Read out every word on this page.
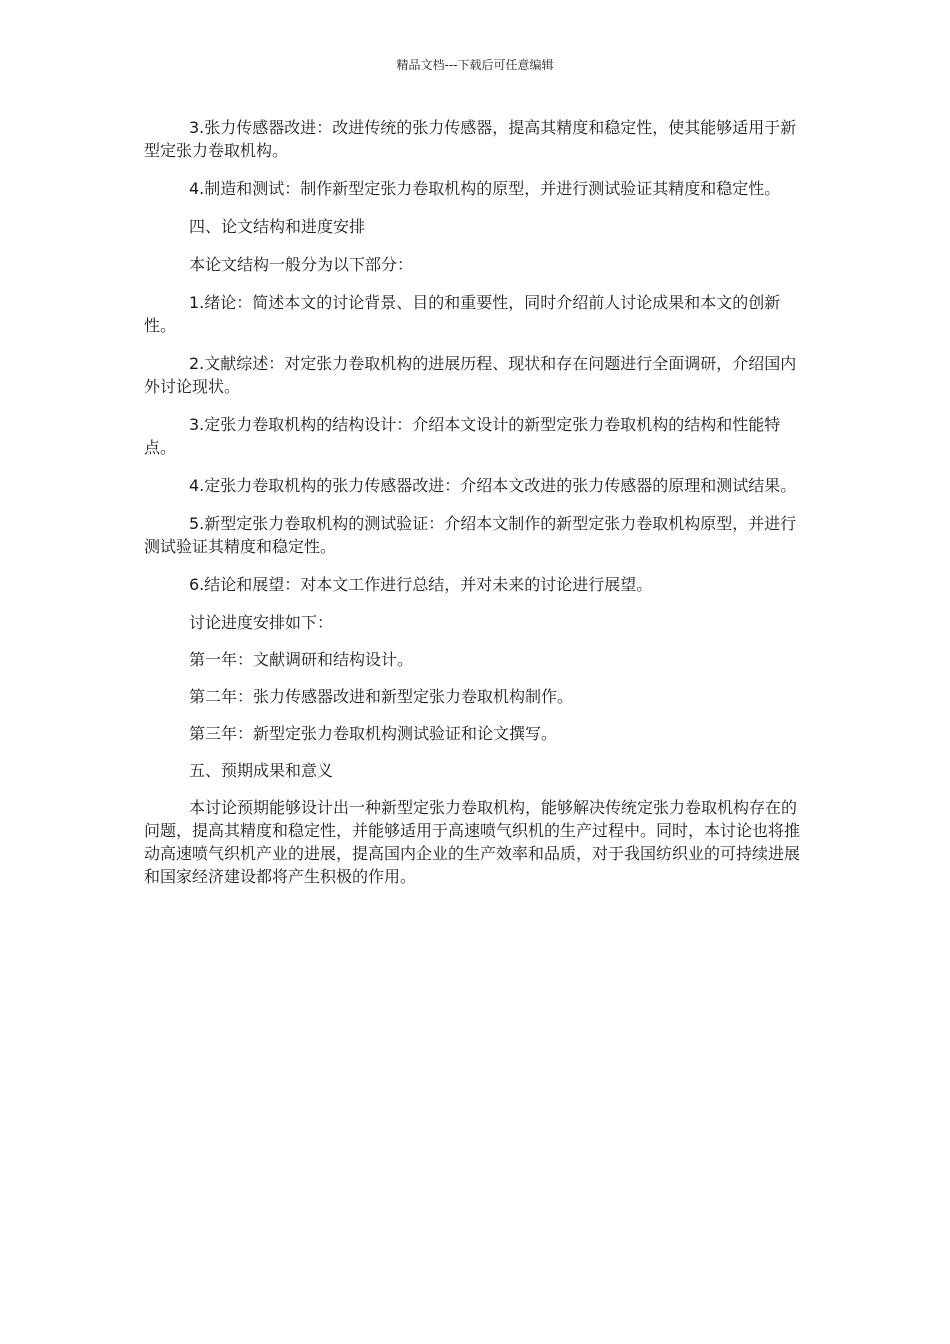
精品文档---下载后可任意编辑

3.张力传感器改进：改进传统的张力传感器，提高其精度和稳定性，使其能够适用于新型定张力卷取机构。

4.制造和测试：制作新型定张力卷取机构的原型，并进行测试验证其精度和稳定性。

四、论文结构和进度安排

本论文结构一般分为以下部分：

1.绪论：简述本文的讨论背景、目的和重要性，同时介绍前人讨论成果和本文的创新性。

2.文献综述：对定张力卷取机构的进展历程、现状和存在问题进行全面调研，介绍国内外讨论现状。

3.定张力卷取机构的结构设计：介绍本文设计的新型定张力卷取机构的结构和性能特点。

4.定张力卷取机构的张力传感器改进：介绍本文改进的张力传感器的原理和测试结果。

5.新型定张力卷取机构的测试验证：介绍本文制作的新型定张力卷取机构原型，并进行测试验证其精度和稳定性。

6.结论和展望：对本文工作进行总结，并对未来的讨论进行展望。

讨论进度安排如下：

第一年：文献调研和结构设计。

第二年：张力传感器改进和新型定张力卷取机构制作。

第三年：新型定张力卷取机构测试验证和论文撰写。

五、预期成果和意义

本讨论预期能够设计出一种新型定张力卷取机构，能够解决传统定张力卷取机构存在的问题，提高其精度和稳定性，并能够适用于高速喷气织机的生产过程中。同时，本讨论也将推动高速喷气织机产业的进展，提高国内企业的生产效率和品质，对于我国纺织业的可持续进展和国家经济建设都将产生积极的作用。
